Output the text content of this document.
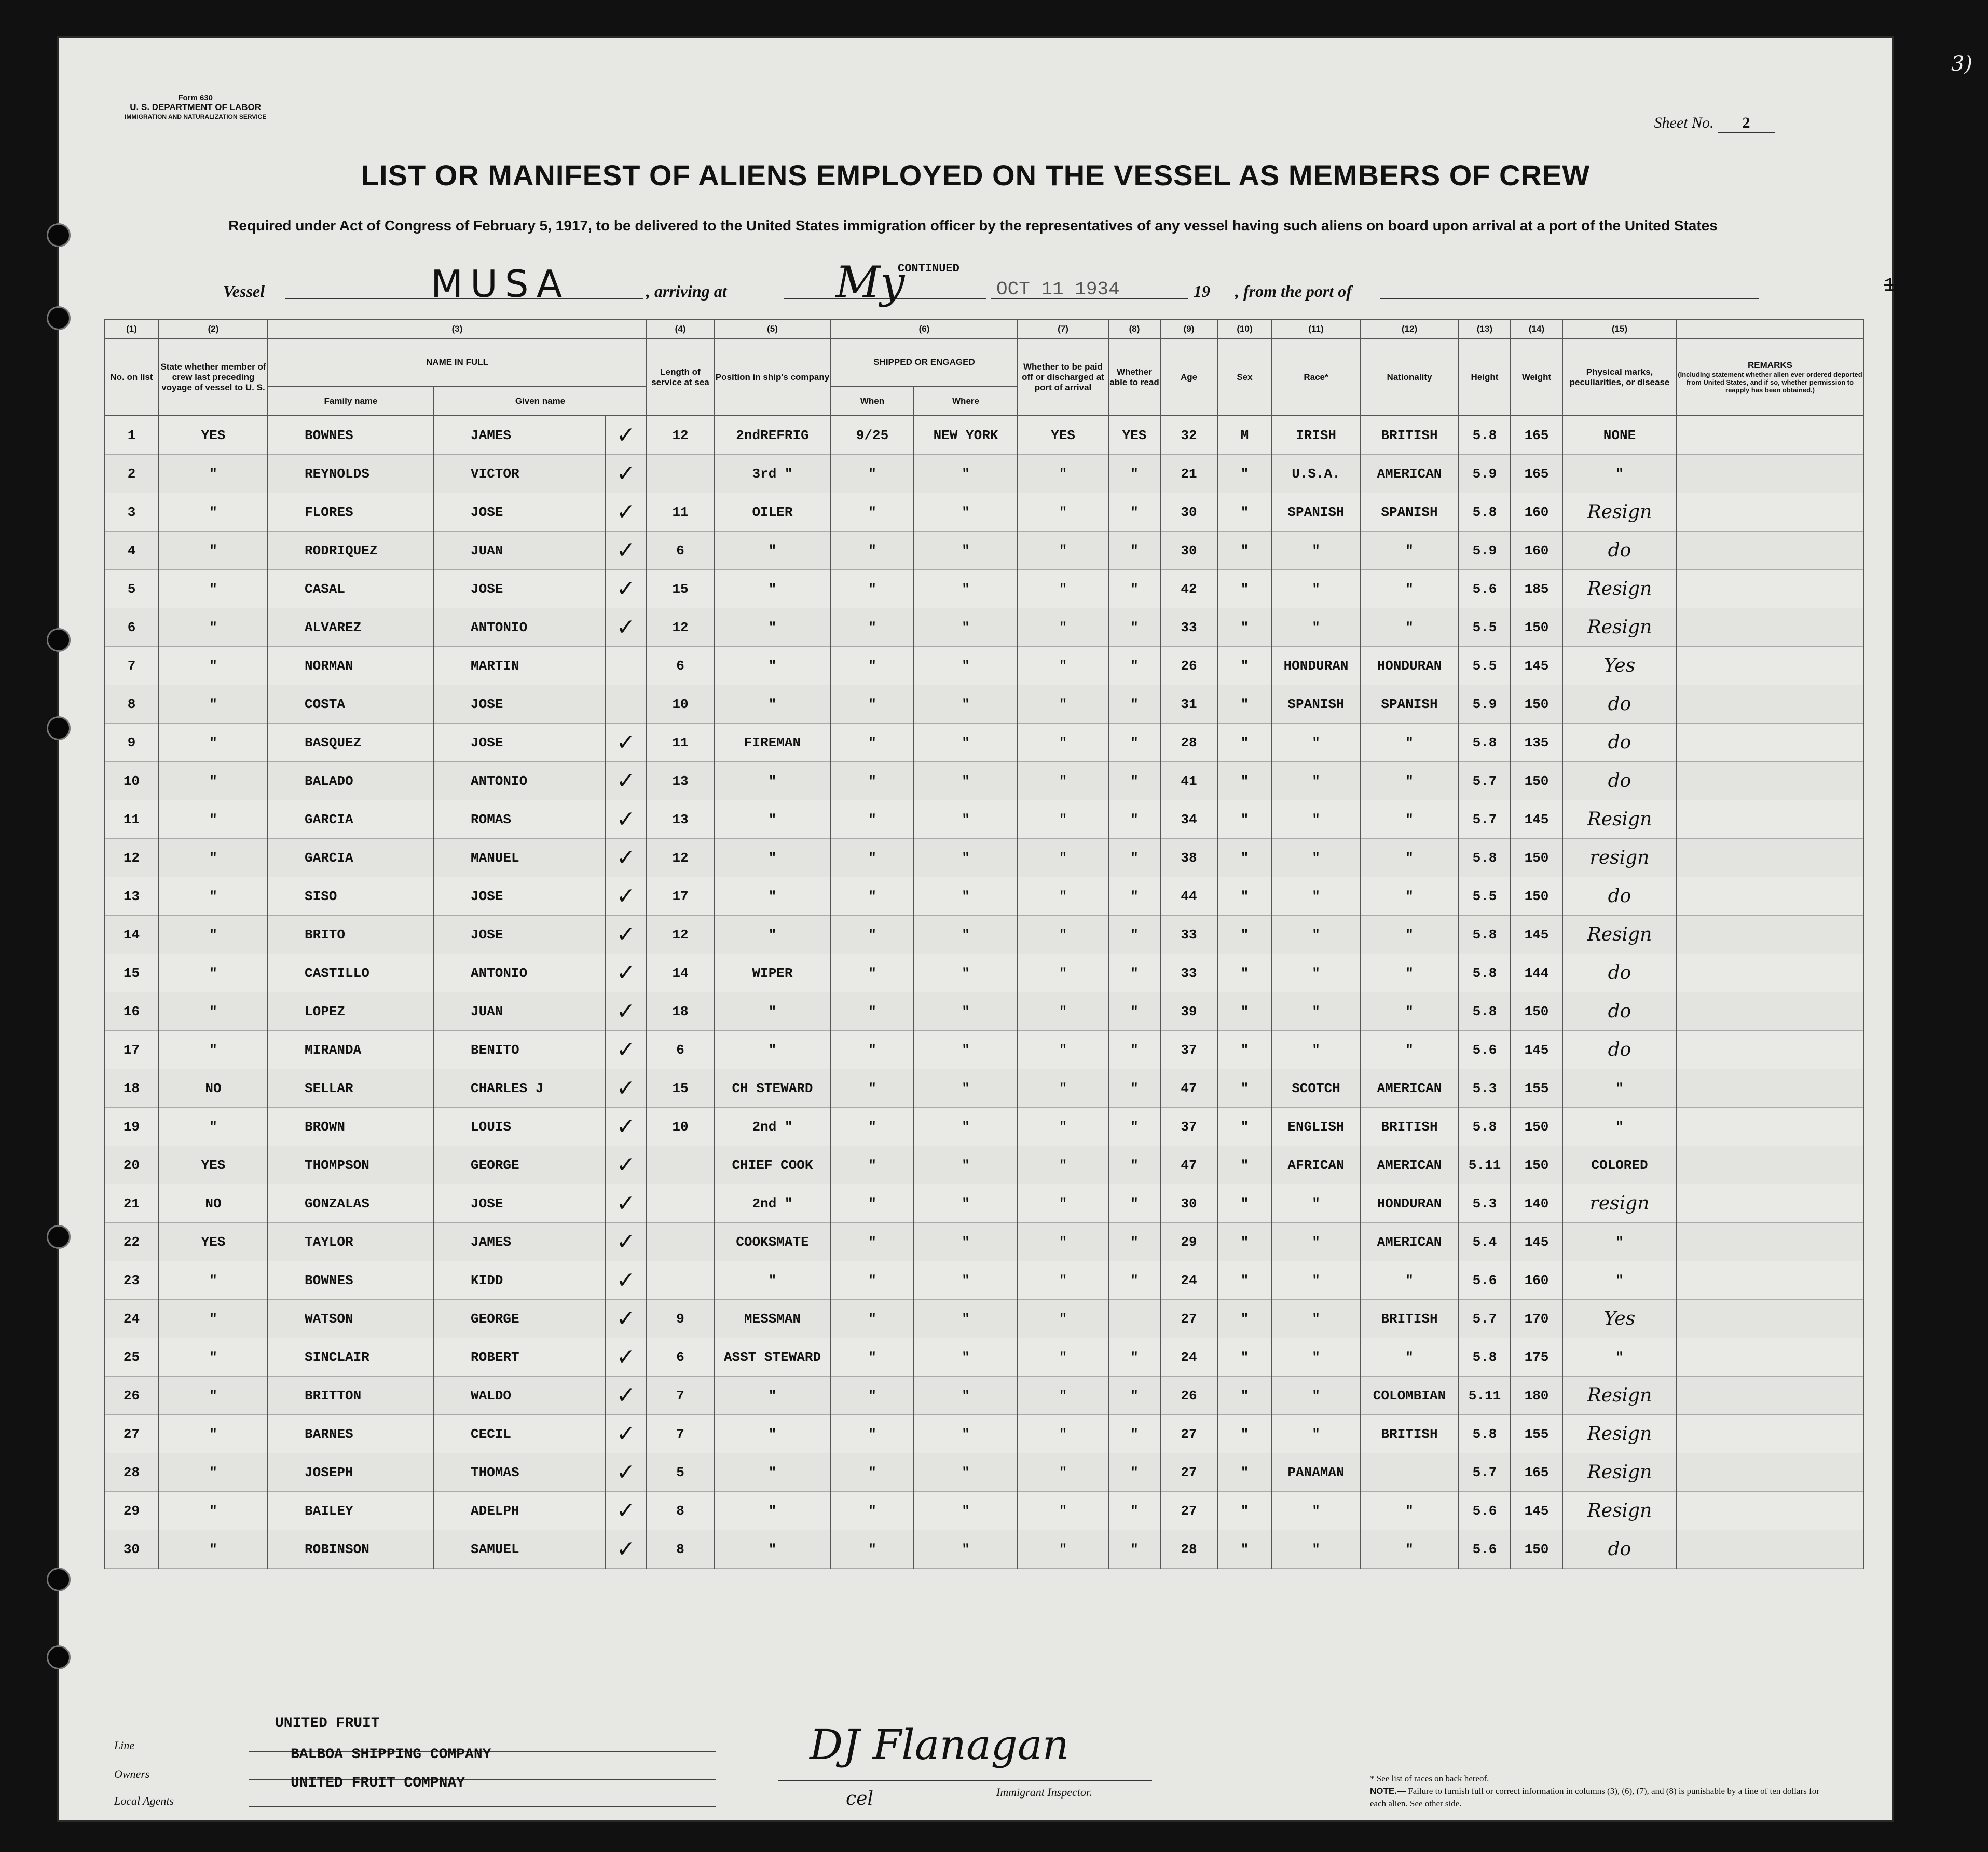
3)
Form 630
U. S. DEPARTMENT OF LABOR
IMMIGRATION AND NATURALIZATION SERVICE	Sheet No. 2
LIST OR MANIFEST OF ALIENS EMPLOYED ON THE VESSEL AS MEMBERS OF CREW
Required under Act of Congress of February 5, 1917, to be delivered to the United States immigration officer by the representatives of any vessel having such aliens on board upon arrival at a port of the United States
Vessel	MUSA	, arriving at My
CONTINUED
OCT 11 1934	19 , from the port of	193
(1)	(2)	(3)			(4)	(5)	(6)		(7)	(8)	(9)	(10)	(11)	(12)	(13)	(14)	(15)	
No. on list	State whether member of crew last preceding voyage of vessel to U. S.	NAME IN FULL			Length of service at sea	Position in ship's company	SHIPPED OR ENGAGED		Whether to be paid off or discharged at port of arrival	Whether able to read	Age	Sex	Race*	Nationality	Height	Weight	Physical marks, peculiarities, or disease	REMARKS
(Including statement whether alien ever ordered deported from United States, and if so, whether permission to reapply has been obtained.)

		Family name	Given name				When	Where										
1	YES	BOWNES	JAMES	✓	12	2ndREFRIG	9/25	NEW YORK	YES	YES	32	M	IRISH	BRITISH	5.8	165	NONE	
2	"	REYNOLDS	VICTOR	✓		3rd "	"	"	"	"	21	"	U.S.A.	AMERICAN	5.9	165	"	
3	"	FLORES	JOSE	✓	11	OILER	"	"	"	"	30	"	SPANISH	SPANISH	5.8	160	Resign	
4	"	RODRIQUEZ	JUAN	✓	6	"	"	"	"	"	30	"	"	"	5.9	160	do	
5	"	CASAL	JOSE	✓	15	"	"	"	"	"	42	"	"	"	5.6	185	Resign	
6	"	ALVAREZ	ANTONIO	✓	12	"	"	"	"	"	33	"	"	"	5.5	150	Resign	
7	"	NORMAN	MARTIN		6	"	"	"	"	"	26	"	HONDURAN	HONDURAN	5.5	145	Yes	
8	"	COSTA	JOSE		10	"	"	"	"	"	31	"	SPANISH	SPANISH	5.9	150	do	
9	"	BASQUEZ	JOSE	✓	11	FIREMAN	"	"	"	"	28	"	"	"	5.8	135	do	
10	"	BALADO	ANTONIO	✓	13	"	"	"	"	"	41	"	"	"	5.7	150	do	
11	"	GARCIA	ROMAS	✓	13	"	"	"	"	"	34	"	"	"	5.7	145	Resign	
12	"	GARCIA	MANUEL	✓	12	"	"	"	"	"	38	"	"	"	5.8	150	resign	
13	"	SISO	JOSE	✓	17	"	"	"	"	"	44	"	"	"	5.5	150	do	
14	"	BRITO	JOSE	✓	12	"	"	"	"	"	33	"	"	"	5.8	145	Resign	
15	"	CASTILLO	ANTONIO	✓	14	WIPER	"	"	"	"	33	"	"	"	5.8	144	do	
16	"	LOPEZ	JUAN	✓	18	"	"	"	"	"	39	"	"	"	5.8	150	do	
17	"	MIRANDA	BENITO	✓	6	"	"	"	"	"	37	"	"	"	5.6	145	do	
18	NO	SELLAR	CHARLES J	✓	15	CH STEWARD	"	"	"	"	47	"	SCOTCH	AMERICAN	5.3	155	"	
19	"	BROWN	LOUIS	✓	10	2nd "	"	"	"	"	37	"	ENGLISH	BRITISH	5.8	150	"	
20	YES	THOMPSON	GEORGE	✓		CHIEF COOK	"	"	"	"	47	"	AFRICAN	AMERICAN	5.11	150	COLORED	
21	NO	GONZALAS	JOSE	✓		2nd "	"	"	"	"	30	"	"	HONDURAN	5.3	140	resign	
22	YES	TAYLOR	JAMES	✓		COOKSMATE	"	"	"	"	29	"	"	AMERICAN	5.4	145	"	
23	"	BOWNES	KIDD	✓		"	"	"	"	"	24	"	"	"	5.6	160	"	
24	"	WATSON	GEORGE	✓	9	MESSMAN	"	"	"		27	"	"	BRITISH	5.7	170	Yes	
25	"	SINCLAIR	ROBERT	✓	6	ASST STEWARD	"	"	"	"	24	"	"	"	5.8	175	"	
26	"	BRITTON	WALDO	✓	7	"	"	"	"	"	26	"	"	COLOMBIAN	5.11	180	Resign	
27	"	BARNES	CECIL	✓	7	"	"	"	"	"	27	"	"	BRITISH	5.8	155	Resign	
28	"	JOSEPH	THOMAS	✓	5	"	"	"	"	"	27	"	PANAMAN		5.7	165	Resign	
29	"	BAILEY	ADELPH	✓	8	"	"	"	"	"	27	"	"	"	5.6	145	Resign	
30	"	ROBINSON	SAMUEL	✓	8	"	"	"	"	"	28	"	"	"	5.6	150	do	
UNITED FRUIT
Line
BALBOA SHIPPING COMPANY
Owners
UNITED FRUIT COMPNAY
Local Agents
DJ Flanagan
cel	Immigrant Inspector.
* See list of races on back hereof.
NOTE.— Failure to furnish full or correct information in columns (3), (6), (7), and (8) is punishable by a fine of ten dollars for each alien. See other side.
